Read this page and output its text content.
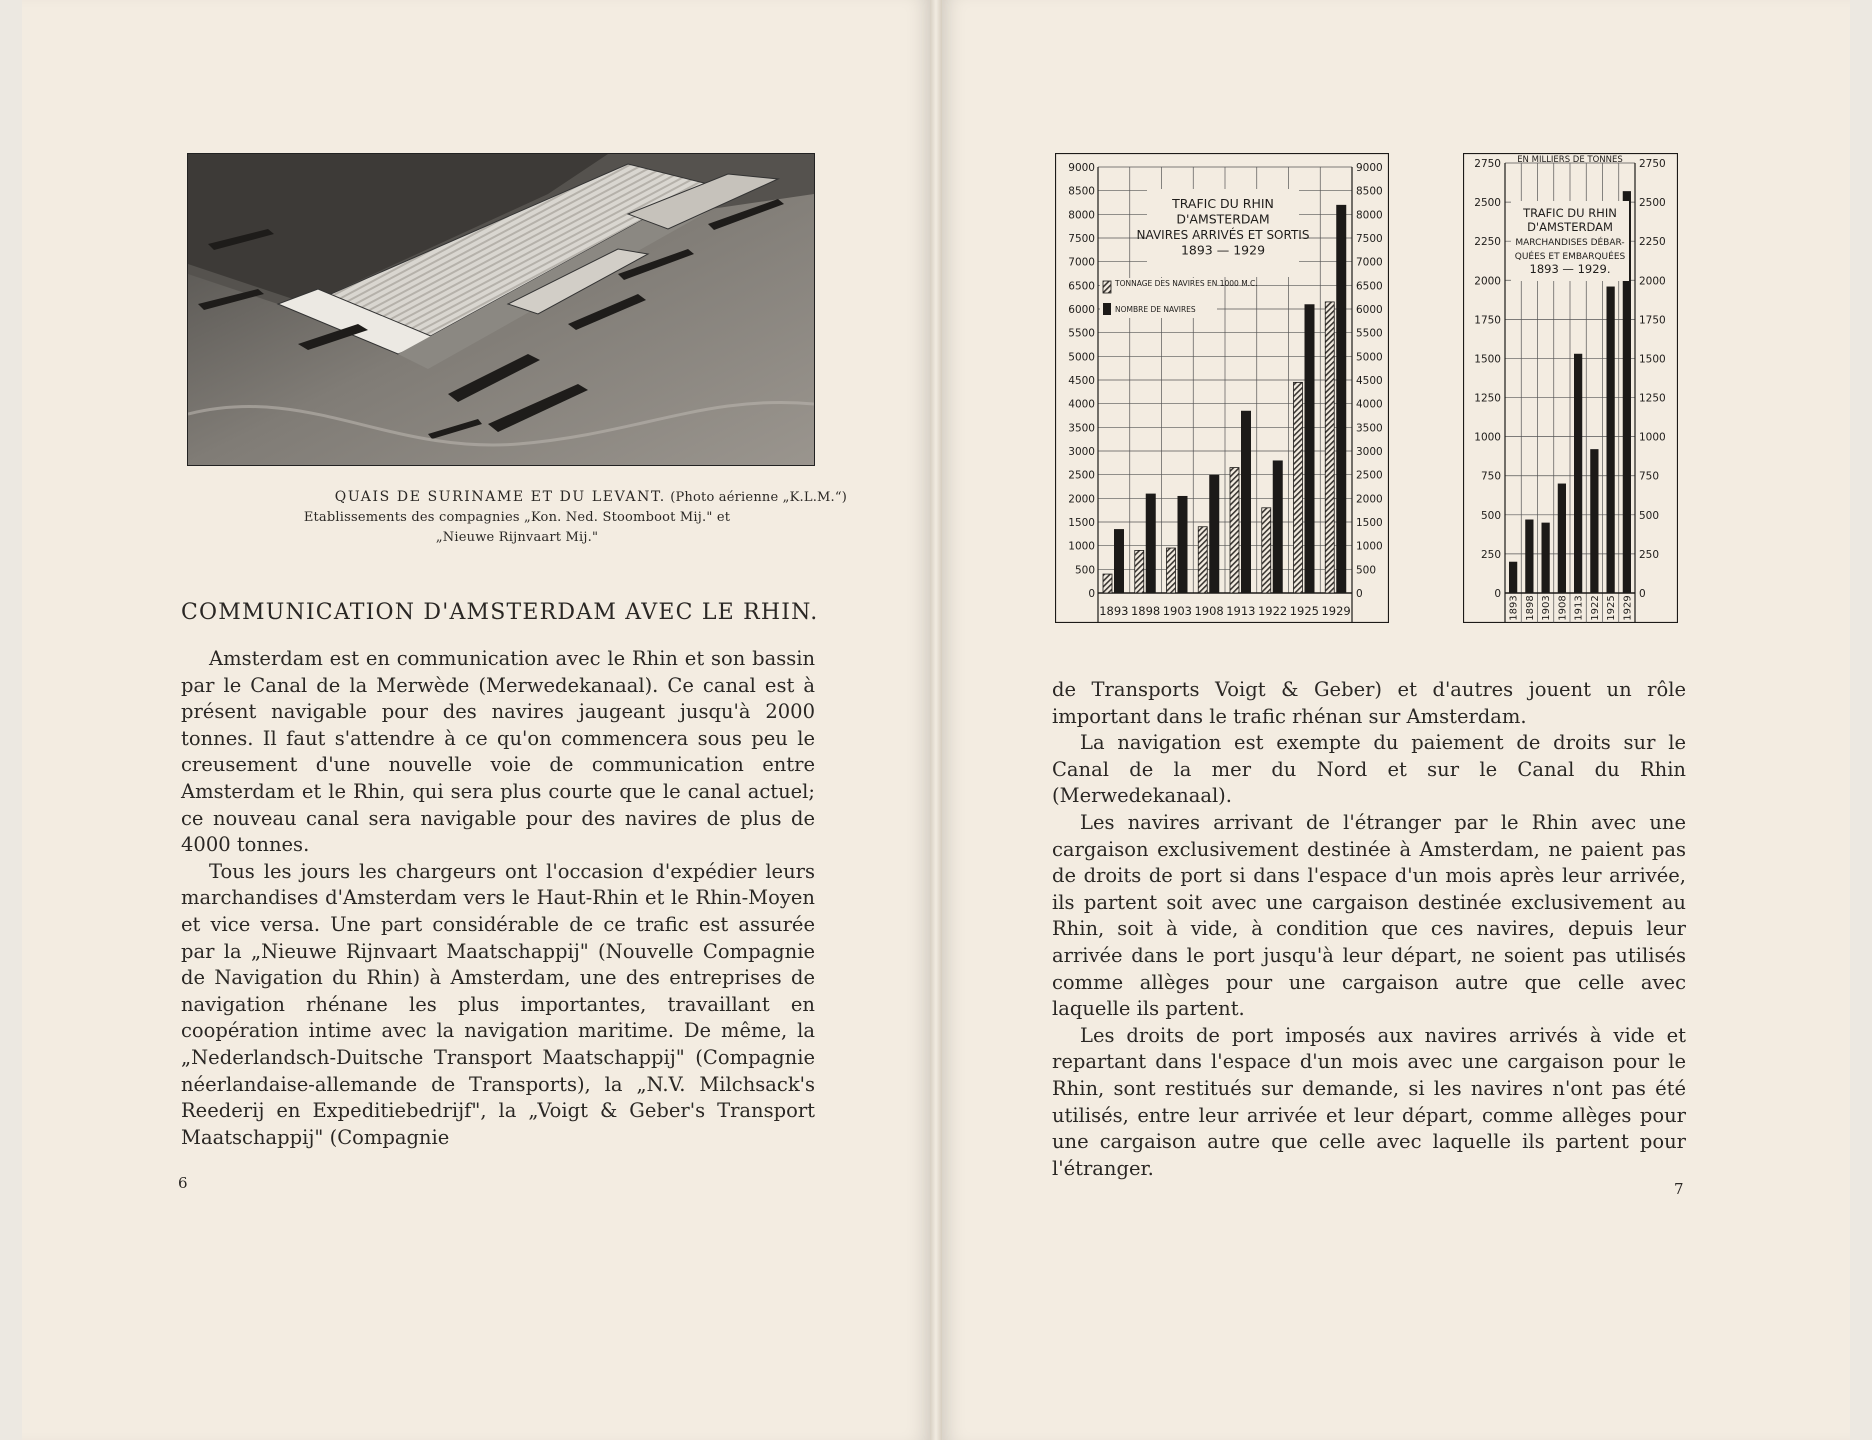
QUAIS DE SURINAME ET DU LEVANT. (Photo aérienne „K.L.M.“)
Etablissements des compagnies „Kon. Ned. Stoomboot Mij." et
„Nieuwe Rijnvaart Mij."
COMMUNICATION D'AMSTERDAM AVEC LE RHIN.

Amsterdam est en communication avec le Rhin et son bassin par le Canal de la Merwède (Merwedekanaal). Ce canal est à présent navigable pour des navires jaugeant jusqu'à 2000 tonnes. Il faut s'attendre à ce qu'on commencera sous peu le creusement d'une nouvelle voie de communication entre Amsterdam et le Rhin, qui sera plus courte que le canal actuel; ce nouveau canal sera navigable pour des navires de plus de 4000 tonnes.

Tous les jours les chargeurs ont l'occasion d'expédier leurs marchandises d'Amsterdam vers le Haut-Rhin et le Rhin-Moyen et vice versa. Une part considérable de ce trafic est assurée par la „Nieuwe Rijnvaart Maatschappij" (Nouvelle Compagnie de Navigation du Rhin) à Amsterdam, une des entreprises de navigation rhénane les plus importantes, travaillant en coopération intime avec la navigation maritime. De même, la „Nederlandsch-Duitsche Transport Maatschappij" (Compagnie néerlandaise-allemande de Transports), la „N.V. Milchsack's Reederij en Expeditiebedrijf", la „Voigt & Geber's Transport Maatschappij" (Compagnie

6
0	0
500	500
1000	1000
1500	1500
2000	2000
2500	2500
3000	3000
3500	3500
4000	4000
4500	4500
5000	5000
5500	5500
6000	6000
6500	6500
7000	7000
7500	7500
8000	8000
8500	8500
9000	9000
1893 1898 1903 1908 1913 1922 1925 1929
TRAFIC DU RHIN
D'AMSTERDAM
NAVIRES ARRIVÉS ET SORTIS
1893 — 1929
TONNAGE DES NAVIRES EN 1000 M.C.
NOMBRE DE NAVIRES
0	0
250	250
500	500
750	750
1000	1000
1250	1250
1500	1500
1750	1750
2000	2000
2250	2250
2500	2500
2750	2750
1893 1898 1903 1908 1913 1922 1925 1929
EN MILLIERS DE TONNES
TRAFIC DU RHIN
D'AMSTERDAM
MARCHANDISES DÉBAR-
QUÉES ET EMBARQUÉES
1893 — 1929.

de Transports Voigt & Geber) et d'autres jouent un rôle important dans le trafic rhénan sur Amsterdam.

La navigation est exempte du paiement de droits sur le Canal de la mer du Nord et sur le Canal du Rhin (Merwedekanaal).

Les navires arrivant de l'étranger par le Rhin avec une cargaison exclusivement destinée à Amsterdam, ne paient pas de droits de port si dans l'espace d'un mois après leur arrivée, ils partent soit avec une cargaison destinée exclusivement au Rhin, soit à vide, à condition que ces navires, depuis leur arrivée dans le port jusqu'à leur départ, ne soient pas utilisés comme allèges pour une cargaison autre que celle avec laquelle ils partent.

Les droits de port imposés aux navires arrivés à vide et repartant dans l'espace d'un mois avec une cargaison pour le Rhin, sont restitués sur demande, si les navires n'ont pas été utilisés, entre leur arrivée et leur départ, comme allèges pour une cargaison autre que celle avec laquelle ils partent pour l'étranger.

7
